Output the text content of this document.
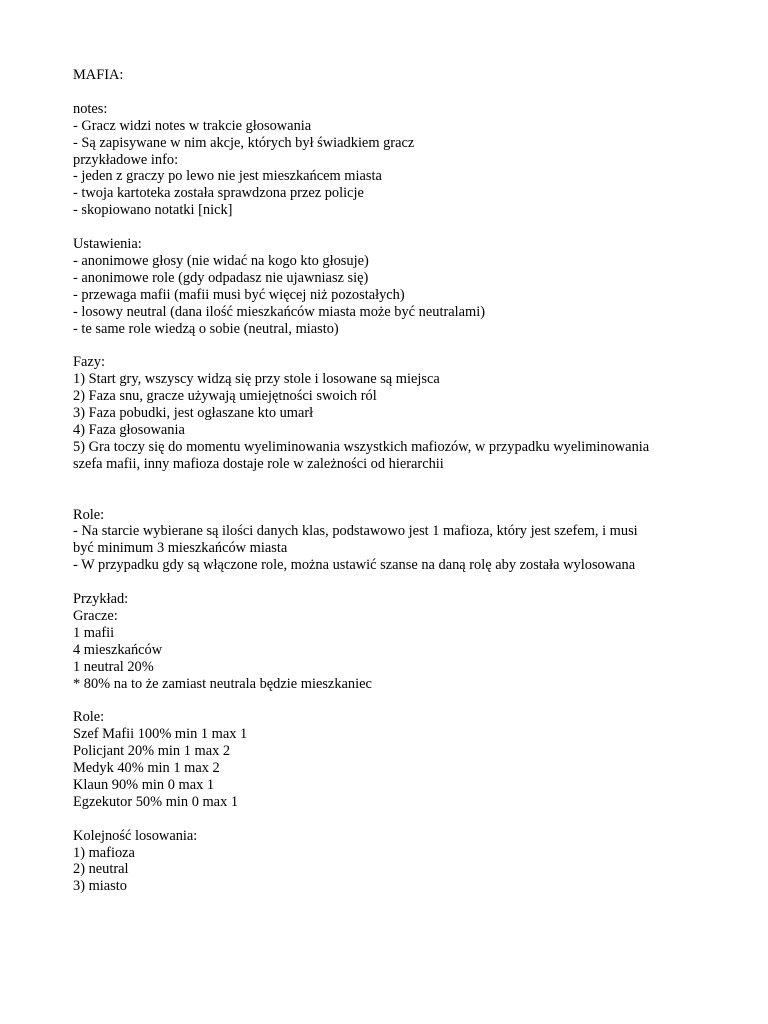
MAFIA:
notes:
- Gracz widzi notes w trakcie głosowania
- Są zapisywane w nim akcje, których był świadkiem gracz
przykładowe info:
- jeden z graczy po lewo nie jest mieszkańcem miasta
- twoja kartoteka została sprawdzona przez policje
- skopiowano notatki [nick]
Ustawienia:
- anonimowe głosy (nie widać na kogo kto głosuje)
- anonimowe role (gdy odpadasz nie ujawniasz się)
- przewaga mafii (mafii musi być więcej niż pozostałych)
- losowy neutral (dana ilość mieszkańców miasta może być neutralami)
- te same role wiedzą o sobie (neutral, miasto)
Fazy:
1) Start gry, wszyscy widzą się przy stole i losowane są miejsca
2) Faza snu, gracze używają umiejętności swoich ról
3) Faza pobudki, jest ogłaszane kto umarł
4) Faza głosowania
5) Gra toczy się do momentu wyeliminowania wszystkich mafiozów, w przypadku wyeliminowania
szefa mafii, inny mafioza dostaje role w zależności od hierarchii
Role:
- Na starcie wybierane są ilości danych klas, podstawowo jest 1 mafioza, który jest szefem, i musi
być minimum 3 mieszkańców miasta
- W przypadku gdy są włączone role, można ustawić szanse na daną rolę aby została wylosowana
Przykład:
Gracze:
1 mafii
4 mieszkańców
1 neutral 20%
* 80% na to że zamiast neutrala będzie mieszkaniec
Role:
Szef Mafii 100% min 1 max 1
Policjant 20% min 1 max 2
Medyk 40% min 1 max 2
Klaun 90% min 0 max 1
Egzekutor 50% min 0 max 1
Kolejność losowania:
1) mafioza
2) neutral
3) miasto
